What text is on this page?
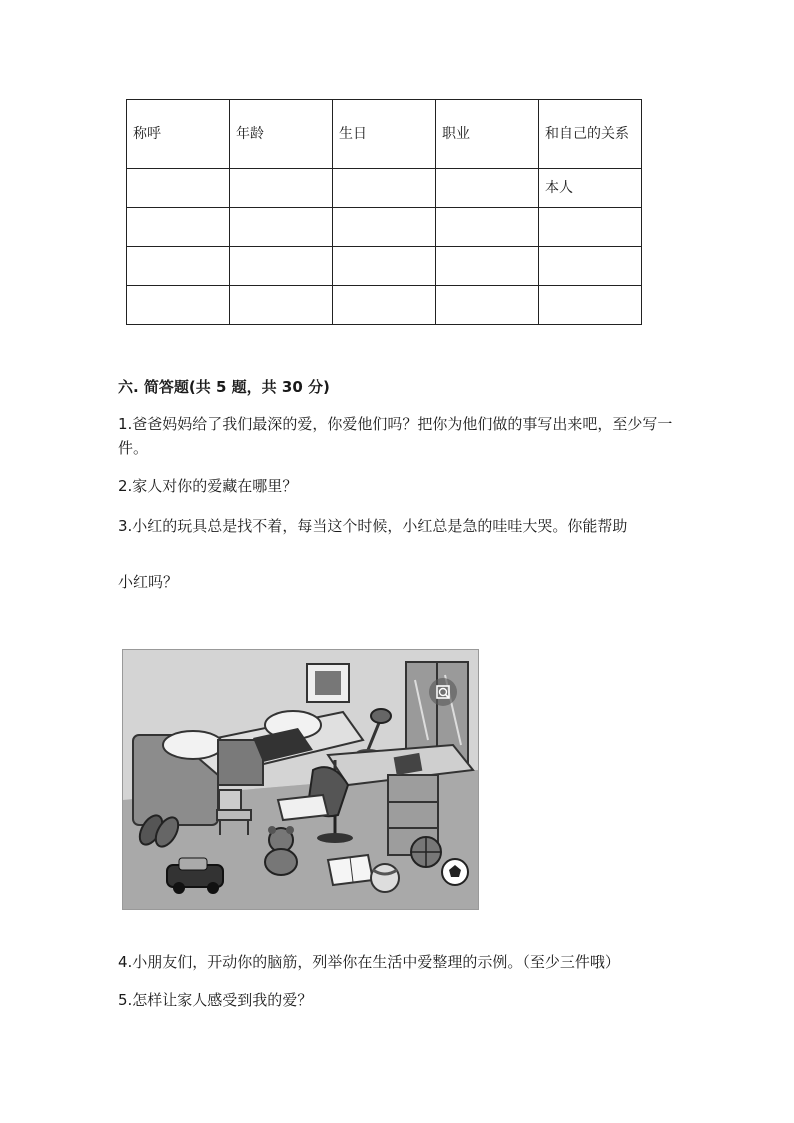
称呼	年龄	生日	职业	和自己的关系
				本人

六. 简答题(共 5 题，共 30 分)

1.爸爸妈妈给了我们最深的爱，你爱他们吗？把你为他们做的事写出来吧，至少写一件。

2.家人对你的爱藏在哪里？

3.小红的玩具总是找不着，每当这个时候，小红总是急的哇哇大哭。你能帮助

小红吗？

4.小朋友们，开动你的脑筋，列举你在生活中爱整理的示例。（至少三件哦）

5.怎样让家人感受到我的爱？
